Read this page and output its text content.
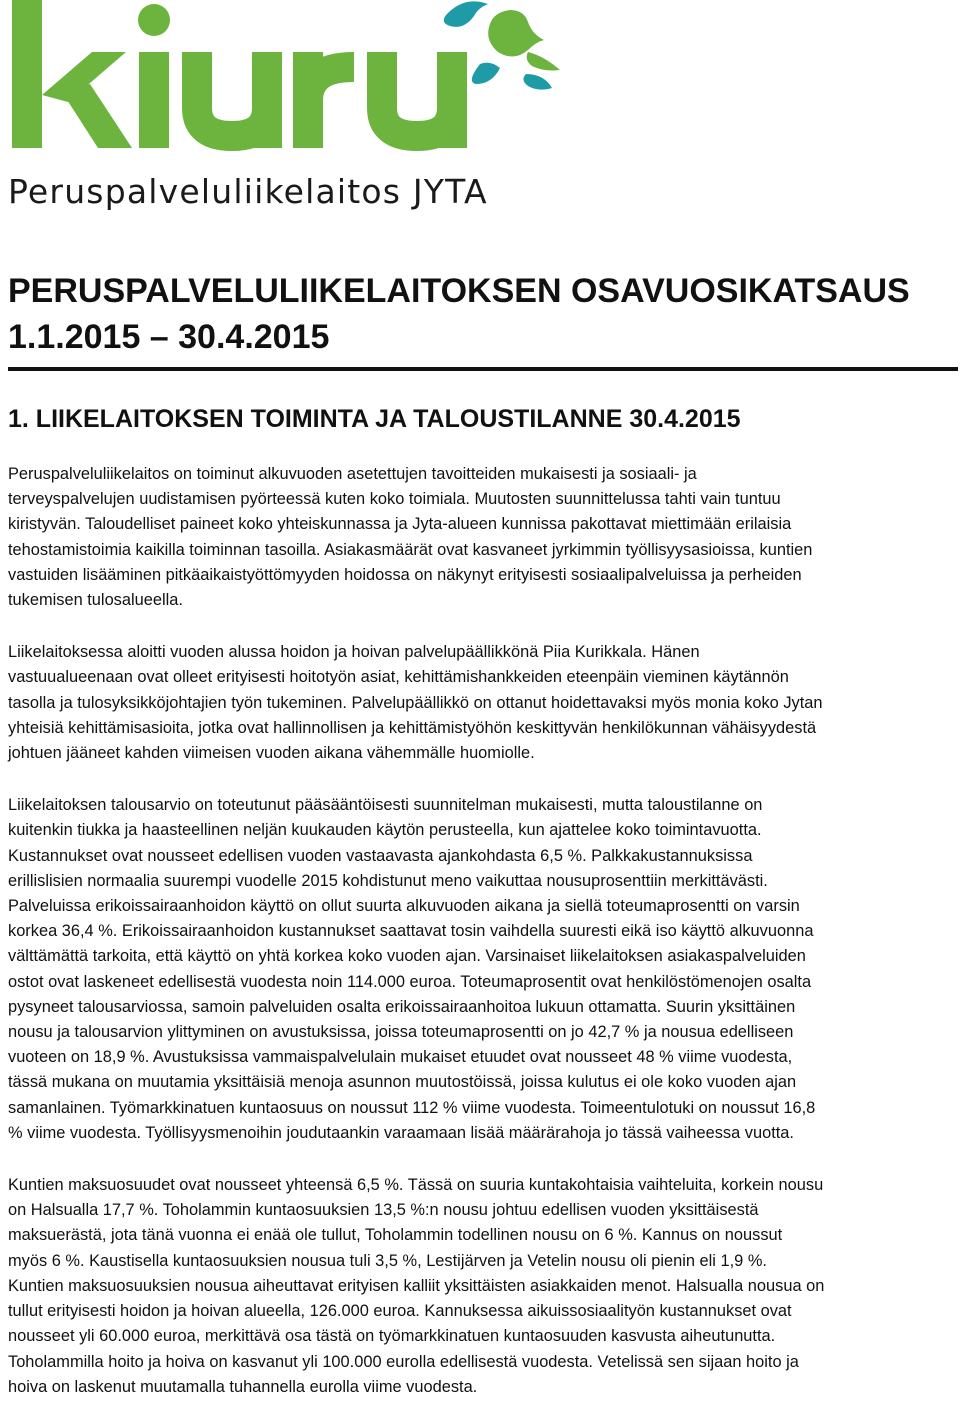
Peruspalveluliikelaitos JYTA
PERUSPALVELULIIKELAITOKSEN OSAVUOSIKATSAUS
1.1.2015 – 30.4.2015
1. LIIKELAITOKSEN TOIMINTA JA TALOUSTILANNE 30.4.2015

Peruspalveluliikelaitos on toiminut alkuvuoden asetettujen tavoitteiden mukaisesti ja sosiaali- ja
terveyspalvelujen uudistamisen pyörteessä kuten koko toimiala. Muutosten suunnittelussa tahti vain tuntuu
kiristyvän. Taloudelliset paineet koko yhteiskunnassa ja Jyta-alueen kunnissa pakottavat miettimään erilaisia
tehostamistoimia kaikilla toiminnan tasoilla. Asiakasmäärät ovat kasvaneet jyrkimmin työllisyysasioissa, kuntien
vastuiden lisääminen pitkäaikaistyöttömyyden hoidossa on näkynyt erityisesti sosiaalipalveluissa ja perheiden
tukemisen tulosalueella.

Liikelaitoksessa aloitti vuoden alussa hoidon ja hoivan palvelupäällikkönä Piia Kurikkala. Hänen
vastuualueenaan ovat olleet erityisesti hoitotyön asiat, kehittämishankkeiden eteenpäin vieminen käytännön
tasolla ja tulosyksikköjohtajien työn tukeminen. Palvelupäällikkö on ottanut hoidettavaksi myös monia koko Jytan
yhteisiä kehittämisasioita, jotka ovat hallinnollisen ja kehittämistyöhön keskittyvän henkilökunnan vähäisyydestä
johtuen jääneet kahden viimeisen vuoden aikana vähemmälle huomiolle.

Liikelaitoksen talousarvio on toteutunut pääsääntöisesti suunnitelman mukaisesti, mutta taloustilanne on
kuitenkin tiukka ja haasteellinen neljän kuukauden käytön perusteella, kun ajattelee koko toimintavuotta.
Kustannukset ovat nousseet edellisen vuoden vastaavasta ajankohdasta 6,5 %. Palkkakustannuksissa
erillislisien normaalia suurempi vuodelle 2015 kohdistunut meno vaikuttaa nousuprosenttiin merkittävästi.
Palveluissa erikoissairaanhoidon käyttö on ollut suurta alkuvuoden aikana ja siellä toteumaprosentti on varsin
korkea 36,4 %. Erikoissairaanhoidon kustannukset saattavat tosin vaihdella suuresti eikä iso käyttö alkuvuonna
välttämättä tarkoita, että käyttö on yhtä korkea koko vuoden ajan. Varsinaiset liikelaitoksen asiakaspalveluiden
ostot ovat laskeneet edellisestä vuodesta noin 114.000 euroa. Toteumaprosentit ovat henkilöstömenojen osalta
pysyneet talousarviossa, samoin palveluiden osalta erikoissairaanhoitoa lukuun ottamatta. Suurin yksittäinen
nousu ja talousarvion ylittyminen on avustuksissa, joissa toteumaprosentti on jo 42,7 % ja nousua edelliseen
vuoteen on 18,9 %. Avustuksissa vammaispalvelulain mukaiset etuudet ovat nousseet 48 % viime vuodesta,
tässä mukana on muutamia yksittäisiä menoja asunnon muutostöissä, joissa kulutus ei ole koko vuoden ajan
samanlainen. Työmarkkinatuen kuntaosuus on noussut 112 % viime vuodesta. Toimeentulotuki on noussut 16,8
% viime vuodesta. Työllisyysmenoihin joudutaankin varaamaan lisää määrärahoja jo tässä vaiheessa vuotta.

Kuntien maksuosuudet ovat nousseet yhteensä 6,5 %. Tässä on suuria kuntakohtaisia vaihteluita, korkein nousu
on Halsualla 17,7 %. Toholammin kuntaosuuksien 13,5 %:n nousu johtuu edellisen vuoden yksittäisestä
maksuerästä, jota tänä vuonna ei enää ole tullut, Toholammin todellinen nousu on 6 %. Kannus on noussut
myös 6 %. Kaustisella kuntaosuuksien nousua tuli 3,5 %, Lestijärven ja Vetelin nousu oli pienin eli 1,9 %.
Kuntien maksuosuuksien nousua aiheuttavat erityisen kalliit yksittäisten asiakkaiden menot. Halsualla nousua on
tullut erityisesti hoidon ja hoivan alueella, 126.000 euroa. Kannuksessa aikuissosiaalityön kustannukset ovat
nousseet yli 60.000 euroa, merkittävä osa tästä on työmarkkinatuen kuntaosuuden kasvusta aiheutunutta.
Toholammilla hoito ja hoiva on kasvanut yli 100.000 eurolla edellisestä vuodesta. Vetelissä sen sijaan hoito ja
hoiva on laskenut muutamalla tuhannella eurolla viime vuodesta.
